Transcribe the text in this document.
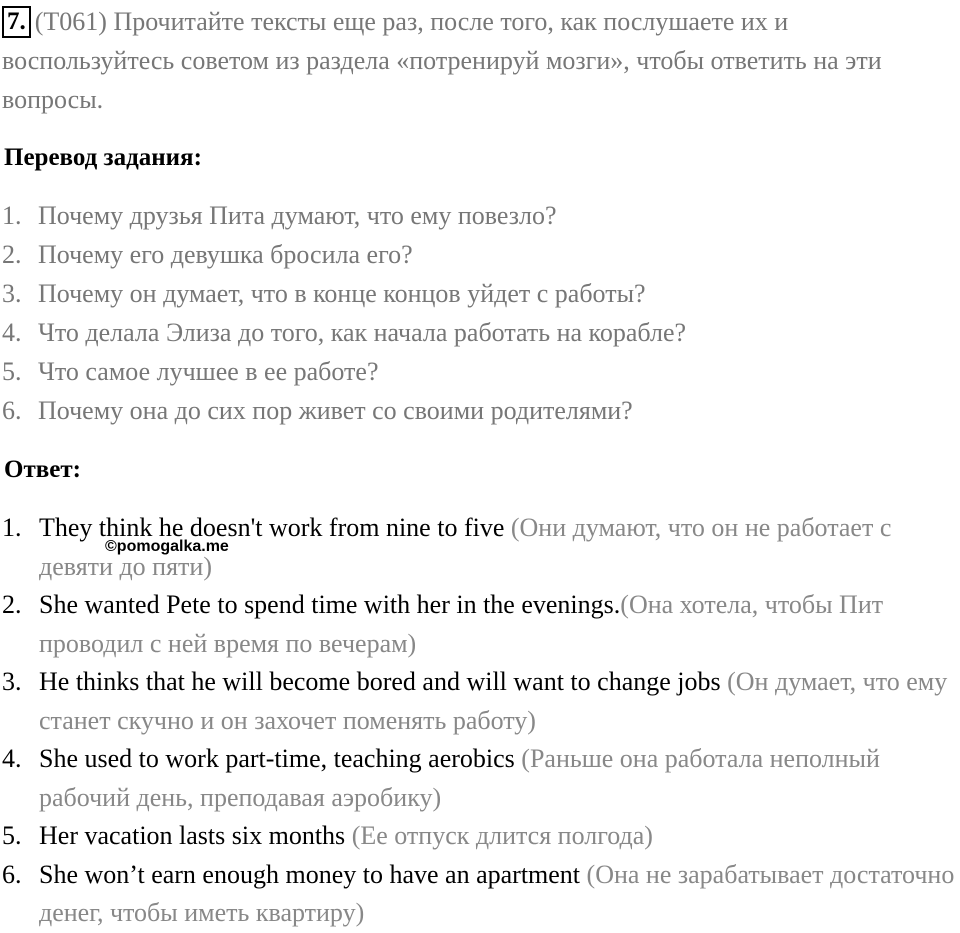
7. (T061) Прочитайте тексты еще раз, после того, как послушаете их и воспользуйтесь советом из раздела «потренируй мозги», чтобы ответить на эти вопросы.
Перевод задания:
1. Почему друзья Пита думают, что ему повезло?
2. Почему его девушка бросила его?
3. Почему он думает, что в конце концов уйдет с работы?
4. Что делала Элиза до того, как начала работать на корабле?
5. Что самое лучшее в ее работе?
6. Почему она до сих пор живет со своими родителями?
Ответ:
1. They think he doesn't work from nine to five (Они думают, что он не работает с девяти до пяти)
2. She wanted Pete to spend time with her in the evenings.(Она хотела, чтобы Пит проводил с ней время по вечерам)
3. He thinks that he will become bored and will want to change jobs (Он думает, что ему станет скучно и он захочет поменять работу)
4. She used to work part-time, teaching aerobics (Раньше она работала неполный рабочий день, преподавая аэробику)
5. Her vacation lasts six months (Ее отпуск длится полгода)
6. She won’t earn enough money to have an apartment (Она не зарабатывает достаточно денег, чтобы иметь квартиру)
©pomogalka.me
